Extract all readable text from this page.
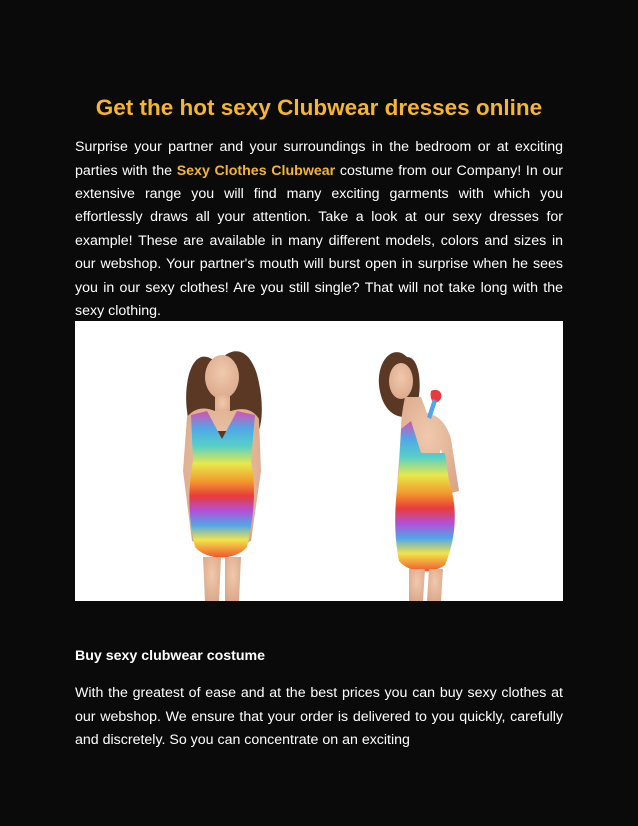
Get the hot sexy Clubwear dresses online

Surprise your partner and your surroundings in the bedroom or at exciting parties with the Sexy Clothes Clubwear costume from our Company! In our extensive range you will find many exciting garments with which you effortlessly draws all your attention. Take a look at our sexy dresses for example! These are available in many different models, colors and sizes in our webshop. Your partner's mouth will burst open in surprise when he sees you in our sexy clothes! Are you still single? That will not take long with the sexy clothing.

Buy sexy clubwear costume

With the greatest of ease and at the best prices you can buy sexy clothes at our webshop. We ensure that your order is delivered to you quickly, carefully and discretely. So you can concentrate on an exciting
